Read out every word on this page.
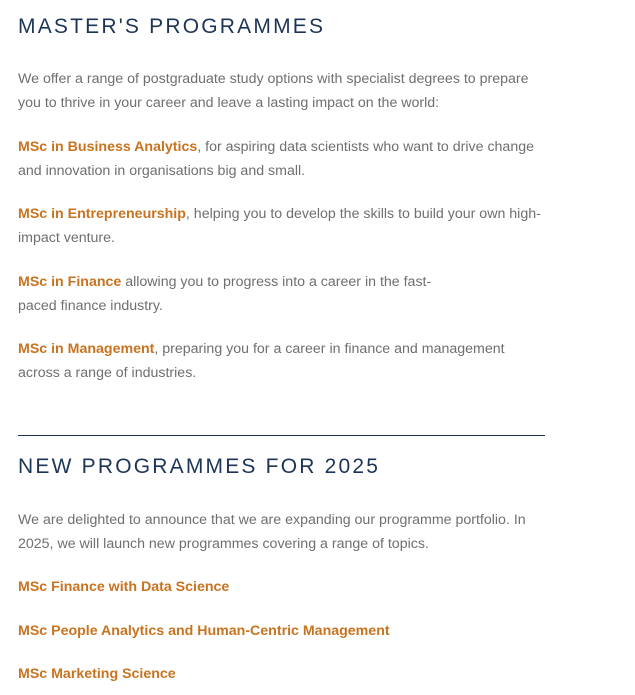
MASTER'S PROGRAMMES

We offer a range of postgraduate study options with specialist degrees to prepare you to thrive in your career and leave a lasting impact on the world:

MSc in Business Analytics, for aspiring data scientists who want to drive change and innovation in organisations big and small.

MSc in Entrepreneurship, helping you to develop the skills to build your own high-impact venture.

MSc in Finance allowing you to progress into a career in the fast-paced finance industry.

MSc in Management, preparing you for a career in finance and management across a range of industries.

NEW PROGRAMMES FOR 2025

We are delighted to announce that we are expanding our programme portfolio. In 2025, we will launch new programmes covering a range of topics.

MSc Finance with Data Science
MSc People Analytics and Human-Centric Management
MSc Marketing Science
